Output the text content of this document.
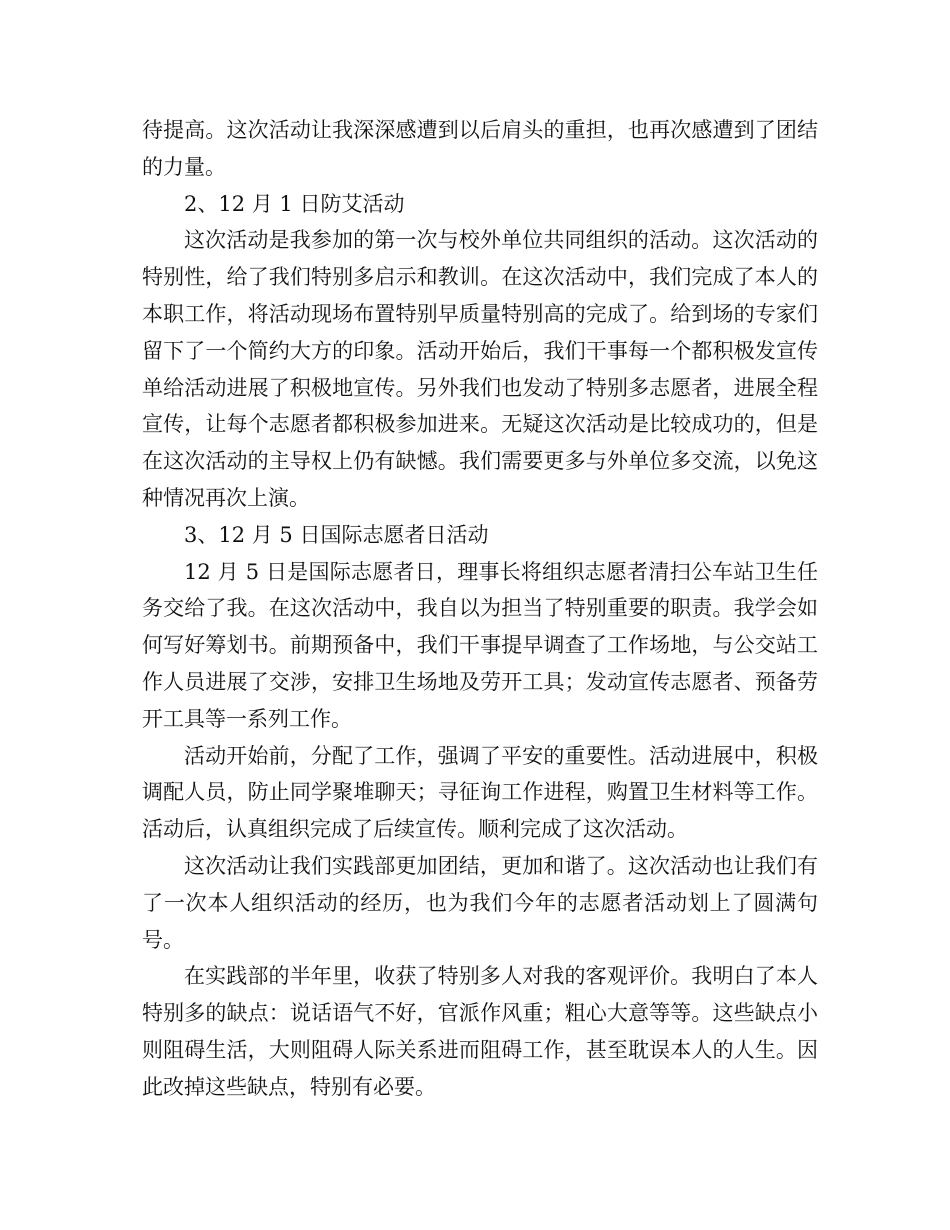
待提高。这次活动让我深深感遭到以后肩头的重担，也再次感遭到了团结的力量。

2、12 月 1 日防艾活动

这次活动是我参加的第一次与校外单位共同组织的活动。这次活动的特别性，给了我们特别多启示和教训。在这次活动中，我们完成了本人的本职工作，将活动现场布置特别早质量特别高的完成了。给到场的专家们留下了一个简约大方的印象。活动开始后，我们干事每一个都积极发宣传单给活动进展了积极地宣传。另外我们也发动了特别多志愿者，进展全程宣传，让每个志愿者都积极参加进来。无疑这次活动是比较成功的，但是在这次活动的主导权上仍有缺憾。我们需要更多与外单位多交流，以免这种情况再次上演。

3、12 月 5 日国际志愿者日活动

12 月 5 日是国际志愿者日，理事长将组织志愿者清扫公车站卫生任务交给了我。在这次活动中，我自以为担当了特别重要的职责。我学会如何写好筹划书。前期预备中，我们干事提早调查了工作场地，与公交站工作人员进展了交涉，安排卫生场地及劳开工具；发动宣传志愿者、预备劳开工具等一系列工作。

活动开始前，分配了工作，强调了平安的重要性。活动进展中，积极调配人员，防止同学聚堆聊天；寻征询工作进程，购置卫生材料等工作。活动后，认真组织完成了后续宣传。顺利完成了这次活动。

这次活动让我们实践部更加团结，更加和谐了。这次活动也让我们有了一次本人组织活动的经历，也为我们今年的志愿者活动划上了圆满句号。

在实践部的半年里，收获了特别多人对我的客观评价。我明白了本人特别多的缺点：说话语气不好，官派作风重；粗心大意等等。这些缺点小则阻碍生活，大则阻碍人际关系进而阻碍工作，甚至耽误本人的人生。因此改掉这些缺点，特别有必要。
